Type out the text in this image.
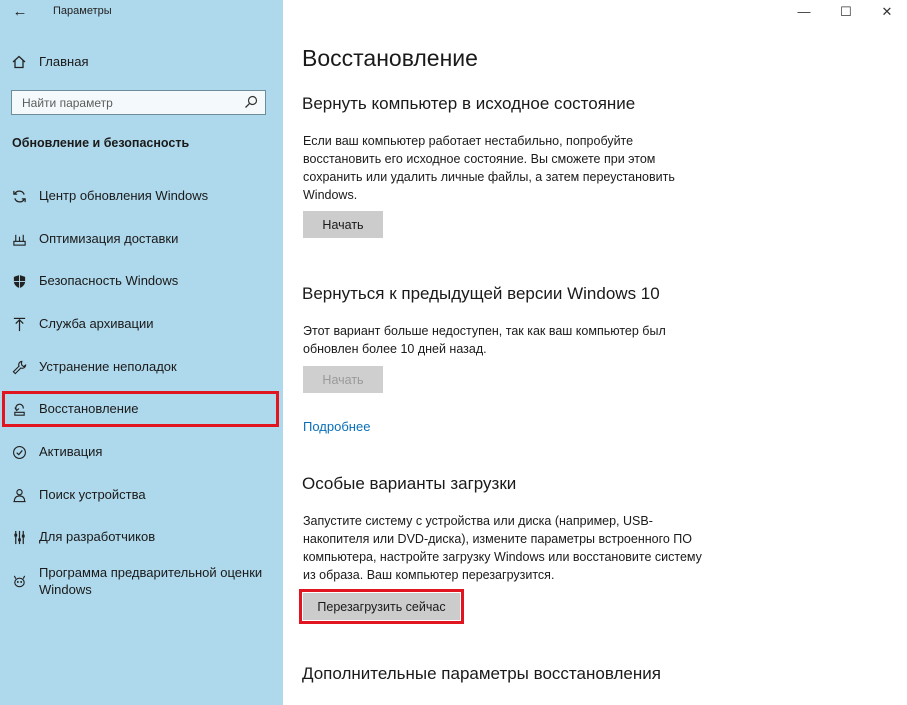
←	Параметры
Главная
Найти параметр
Обновление и безопасность
Центр обновления Windows
Оптимизация доставки
Безопасность Windows
Служба архивации
Устранение неполадок
Восстановление
Активация
Поиск устройства
Для разработчиков
Программа предварительной оценки Windows
—	☐	✕
Восстановление
Вернуть компьютер в исходное состояние
Если ваш компьютер работает нестабильно, попробуйте восстановить его исходное состояние. Вы сможете при этом сохранить или удалить личные файлы, а затем переустановить Windows.
Начать
Вернуться к предыдущей версии Windows 10
Этот вариант больше недоступен, так как ваш компьютер был обновлен более 10 дней назад.
Начать
Подробнее
Особые варианты загрузки
Запустите систему с устройства или диска (например, USB-накопителя или DVD-диска), измените параметры встроенного ПО компьютера, настройте загрузку Windows или восстановите систему из образа. Ваш компьютер перезагрузится.
Перезагрузить сейчас
Дополнительные параметры восстановления
